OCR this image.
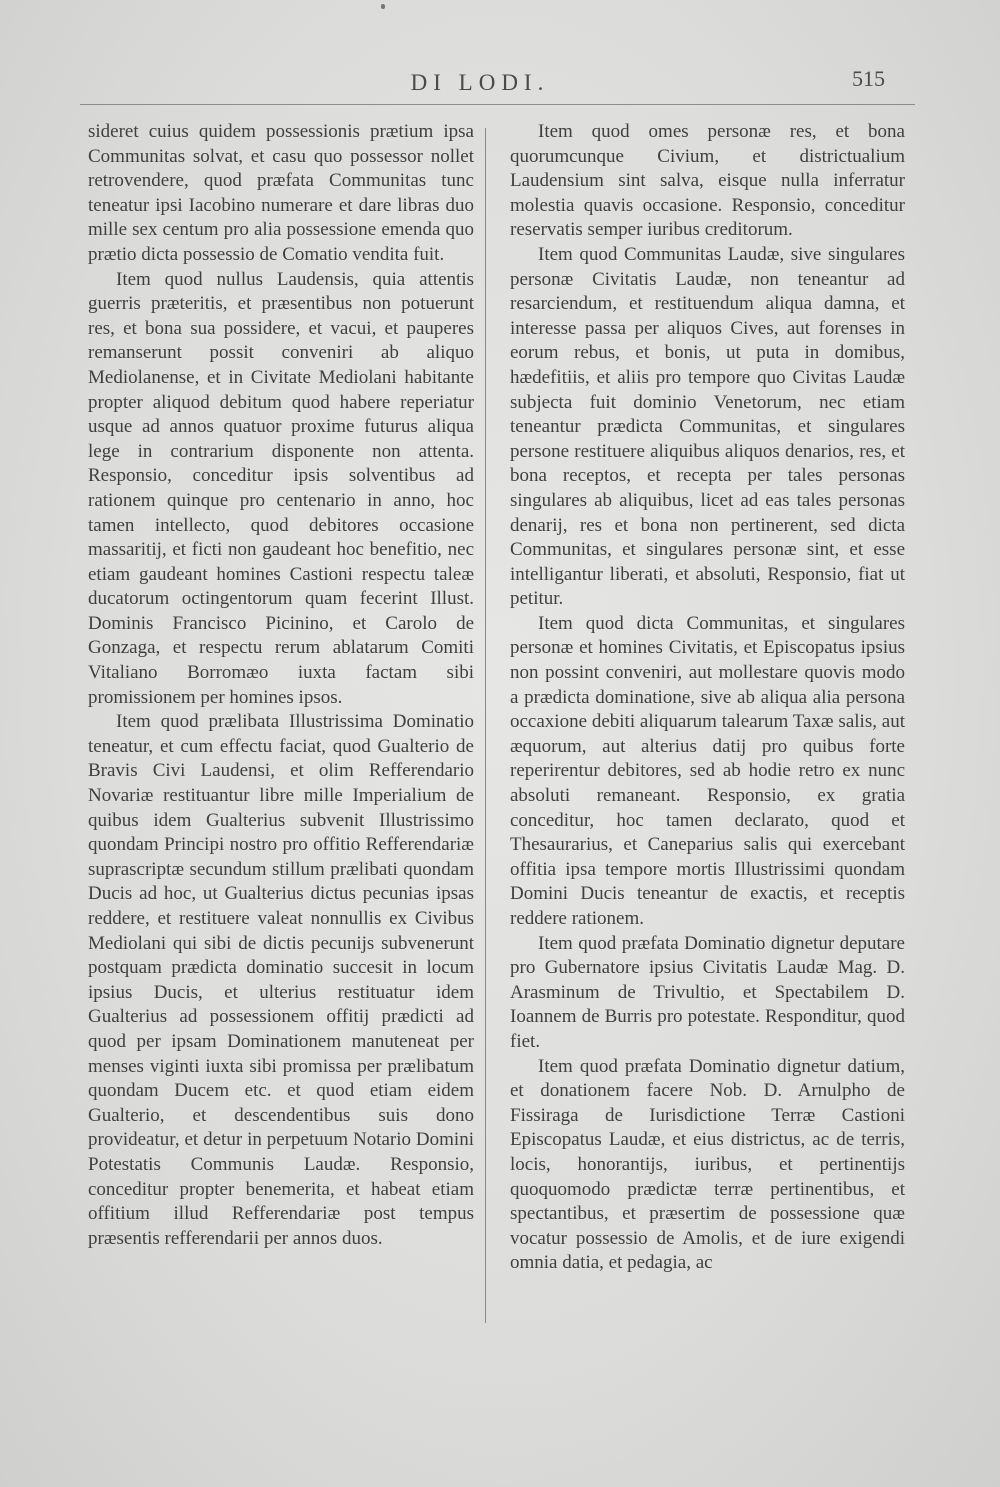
DI LODI.	515

sideret cuius quidem possessionis prætium ipsa Communitas solvat, et casu quo possessor nollet retrovendere, quod præfata Communitas tunc teneatur ipsi Iacobino numerare et dare libras duo mille sex centum pro alia possessione emenda quo prætio dicta possessio de Comatio vendita fuit.

Item quod nullus Laudensis, quia attentis guerris præteritis, et præsentibus non potuerunt res, et bona sua possidere, et vacui, et pauperes remanserunt possit conveniri ab aliquo Mediolanense, et in Civitate Mediolani habitante propter aliquod debitum quod habere reperiatur usque ad annos quatuor proxime futurus aliqua lege in contrarium disponente non attenta. Responsio, conceditur ipsis solventibus ad rationem quinque pro centenario in anno, hoc tamen intellecto, quod debitores occasione massaritij, et ficti non gaudeant hoc benefitio, nec etiam gaudeant homines Castioni respectu taleæ ducatorum octingentorum quam fecerint Illust. Dominis Francisco Picinino, et Carolo de Gonzaga, et respectu rerum ablatarum Comiti Vitaliano Borromæo iuxta factam sibi promissionem per homines ipsos.

Item quod prælibata Illustrissima Dominatio teneatur, et cum effectu faciat, quod Gualterio de Bravis Civi Laudensi, et olim Refferendario Novariæ restituantur libre mille Imperialium de quibus idem Gualterius subvenit Illustrissimo quondam Principi nostro pro offitio Refferendariæ suprascriptæ secundum stillum prælibati quondam Ducis ad hoc, ut Gualterius dictus pecunias ipsas reddere, et restituere valeat nonnullis ex Civibus Mediolani qui sibi de dictis pecunijs subvenerunt postquam prædicta dominatio succesit in locum ipsius Ducis, et ulterius restituatur idem Gualterius ad possessionem offitij prædicti ad quod per ipsam Dominationem manuteneat per menses viginti iuxta sibi promissa per prælibatum quondam Ducem etc. et quod etiam eidem Gualterio, et descendentibus suis dono provideatur, et detur in perpetuum Notario Domini Potestatis Communis Laudæ. Responsio, conceditur propter benemerita, et habeat etiam offitium illud Refferendariæ post tempus præsentis refferendarii per annos duos.

Item quod omes personæ res, et bona quorumcunque Civium, et districtualium Laudensium sint salva, eisque nulla inferratur molestia quavis occasione. Responsio, conceditur reservatis semper iuribus creditorum.

Item quod Communitas Laudæ, sive singulares personæ Civitatis Laudæ, non teneantur ad resarciendum, et restituendum aliqua damna, et interesse passa per aliquos Cives, aut forenses in eorum rebus, et bonis, ut puta in domibus, hædefitiis, et aliis pro tempore quo Civitas Laudæ subjecta fuit dominio Venetorum, nec etiam teneantur prædicta Communitas, et singulares persone restituere aliquibus aliquos denarios, res, et bona receptos, et recepta per tales personas singulares ab aliquibus, licet ad eas tales personas denarij, res et bona non pertinerent, sed dicta Communitas, et singulares personæ sint, et esse intelligantur liberati, et absoluti, Responsio, fiat ut petitur.

Item quod dicta Communitas, et singulares personæ et homines Civitatis, et Episcopatus ipsius non possint conveniri, aut mollestare quovis modo a prædicta dominatione, sive ab aliqua alia persona occaxione debiti aliquarum talearum Taxæ salis, aut æquorum, aut alterius datij pro quibus forte reperirentur debitores, sed ab hodie retro ex nunc absoluti remaneant. Responsio, ex gratia conceditur, hoc tamen declarato, quod et Thesaurarius, et Caneparius salis qui exercebant offitia ipsa tempore mortis Illustrissimi quondam Domini Ducis teneantur de exactis, et receptis reddere rationem.

Item quod præfata Dominatio dignetur deputare pro Gubernatore ipsius Civitatis Laudæ Mag. D. Arasminum de Trivultio, et Spectabilem D. Ioannem de Burris pro potestate. Responditur, quod fiet.

Item quod præfata Dominatio dignetur datium, et donationem facere Nob. D. Arnulpho de Fissiraga de Iurisdictione Terræ Castioni Episcopatus Laudæ, et eius districtus, ac de terris, locis, honorantijs, iuribus, et pertinentijs quoquomodo prædictæ terræ pertinentibus, et spectantibus, et præsertim de possessione quæ vocatur possessio de Amolis, et de iure exigendi omnia datia, et pedagia, ac
